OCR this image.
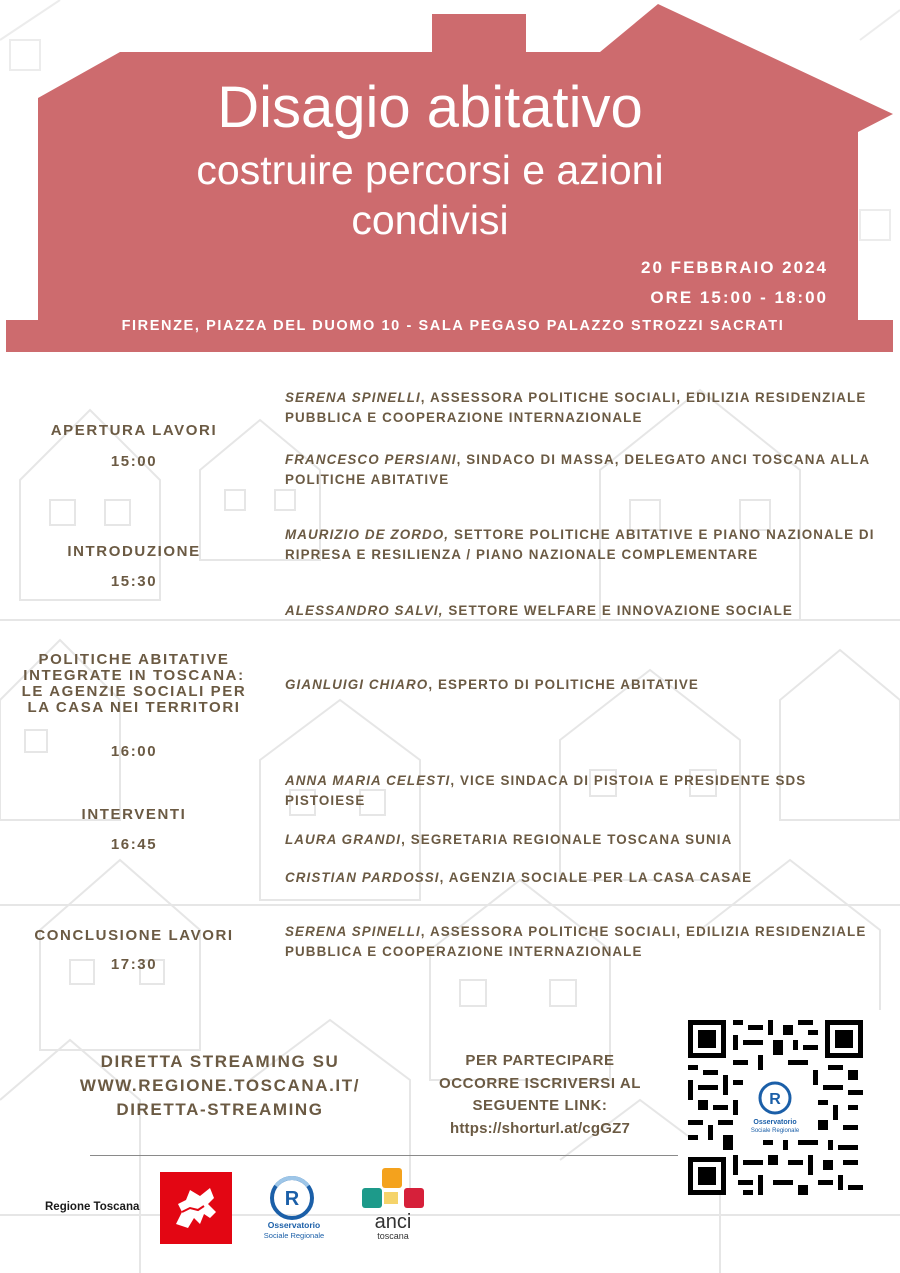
Disagio abitativo
costruire percorsi e azioni
condivisi
20 FEBBRAIO 2024
ORE 15:00 - 18:00
FIRENZE, PIAZZA DEL DUOMO 10 - SALA PEGASO PALAZZO STROZZI SACRATI
APERTURA LAVORI
15:00
SERENA SPINELLI, ASSESSORA POLITICHE SOCIALI, EDILIZIA RESIDENZIALE PUBBLICA E COOPERAZIONE INTERNAZIONALE
FRANCESCO PERSIANI, SINDACO DI MASSA, DELEGATO ANCI TOSCANA ALLA POLITICHE ABITATIVE
INTRODUZIONE
15:30
MAURIZIO DE ZORDO, SETTORE POLITICHE ABITATIVE E PIANO NAZIONALE DI RIPRESA E RESILIENZA / PIANO NAZIONALE COMPLEMENTARE
ALESSANDRO SALVI, SETTORE WELFARE E INNOVAZIONE SOCIALE
POLITICHE ABITATIVE INTEGRATE IN TOSCANA: LE AGENZIE SOCIALI PER LA CASA NEI TERRITORI
16:00
GIANLUIGI CHIARO, ESPERTO DI POLITICHE ABITATIVE
INTERVENTI
16:45
ANNA MARIA CELESTI, VICE SINDACA DI PISTOIA E PRESIDENTE SDS PISTOIESE
LAURA GRANDI, SEGRETARIA REGIONALE TOSCANA SUNIA
CRISTIAN PARDOSSI, AGENZIA SOCIALE PER LA CASA CASAE
CONCLUSIONE LAVORI
17:30
SERENA SPINELLI, ASSESSORA POLITICHE SOCIALI, EDILIZIA RESIDENZIALE PUBBLICA E COOPERAZIONE INTERNAZIONALE
DIRETTA STREAMING SU
WWW.REGIONE.TOSCANA.IT/
DIRETTA-STREAMING
PER PARTECIPARE
OCCORRE ISCRIVERSI AL
SEGUENTE LINK:
https://shorturl.at/cgGZ7
R
Osservatorio
Sociale Regionale
Regione Toscana	R
Osservatorio
Sociale Regionale
anci
toscana
